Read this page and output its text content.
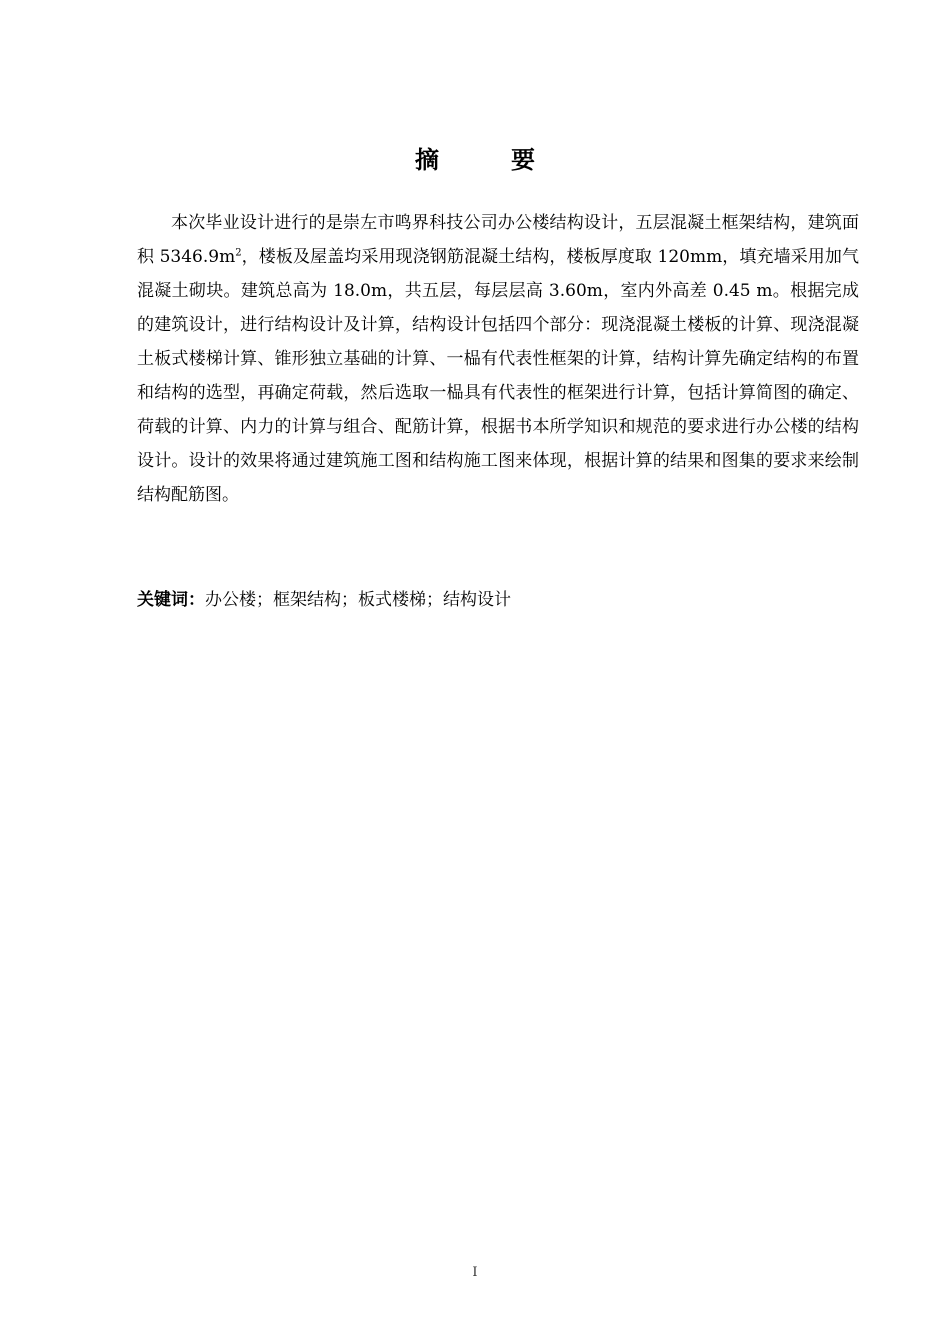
摘　要

本次毕业设计进行的是崇左市鸣界科技公司办公楼结构设计，五层混凝土框架结构，建筑面积 $5346.9m^2$，楼板及屋盖均采用现浇钢筋混凝土结构，楼板厚度取 120mm，填充墙采用加气混凝土砌块。建筑总高为 18.0m，共五层，每层层高 3.60m，室内外高差 0.45 m。根据完成的建筑设计，进行结构设计及计算，结构设计包括四个部分：现浇混凝土楼板的计算、现浇混凝土板式楼梯计算、锥形独立基础的计算、一榀有代表性框架的计算，结构计算先确定结构的布置和结构的选型，再确定荷载，然后选取一榀具有代表性的框架进行计算，包括计算简图的确定、荷载的计算、内力的计算与组合、配筋计算，根据书本所学知识和规范的要求进行办公楼的结构设计。设计的效果将通过建筑施工图和结构施工图来体现，根据计算的结果和图集的要求来绘制结构配筋图。

关键词：办公楼；框架结构；板式楼梯；结构设计

I
